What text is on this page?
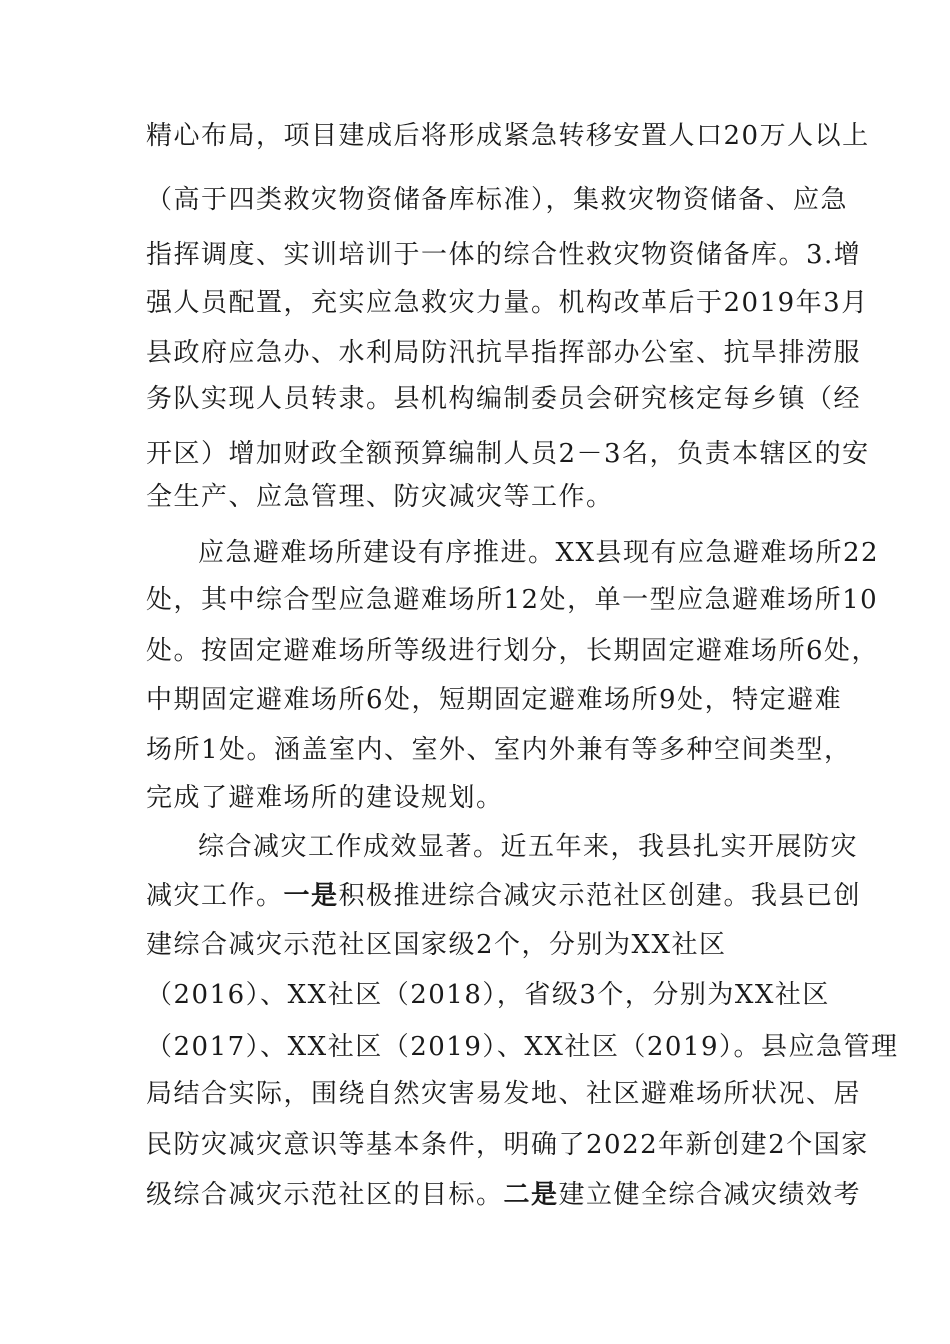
精心布局，项目建成后将形成紧急转移安置人口20万人以上
（高于四类救灾物资储备库标准），集救灾物资储备、应急
指挥调度、实训培训于一体的综合性救灾物资储备库。3.增
强人员配置，充实应急救灾力量。机构改革后于2019年3月
县政府应急办、水利局防汛抗旱指挥部办公室、抗旱排涝服
务队实现人员转隶。县机构编制委员会研究核定每乡镇（经
开区）增加财政全额预算编制人员2－3名，负责本辖区的安
全生产、应急管理、防灾减灾等工作。
应急避难场所建设有序推进。XX县现有应急避难场所22
处，其中综合型应急避难场所12处，单一型应急避难场所10
处。按固定避难场所等级进行划分，长期固定避难场所6处，
中期固定避难场所6处，短期固定避难场所9处，特定避难
场所1处。涵盖室内、室外、室内外兼有等多种空间类型，
完成了避难场所的建设规划。
综合减灾工作成效显著。近五年来，我县扎实开展防灾
减灾工作。一是积极推进综合减灾示范社区创建。我县已创
建综合减灾示范社区国家级2个，分别为XX社区
（2016）、XX社区（2018），省级3个，分别为XX社区
（2017）、XX社区（2019）、XX社区（2019）。县应急管理
局结合实际，围绕自然灾害易发地、社区避难场所状况、居
民防灾减灾意识等基本条件，明确了2022年新创建2个国家
级综合减灾示范社区的目标。二是建立健全综合减灾绩效考
